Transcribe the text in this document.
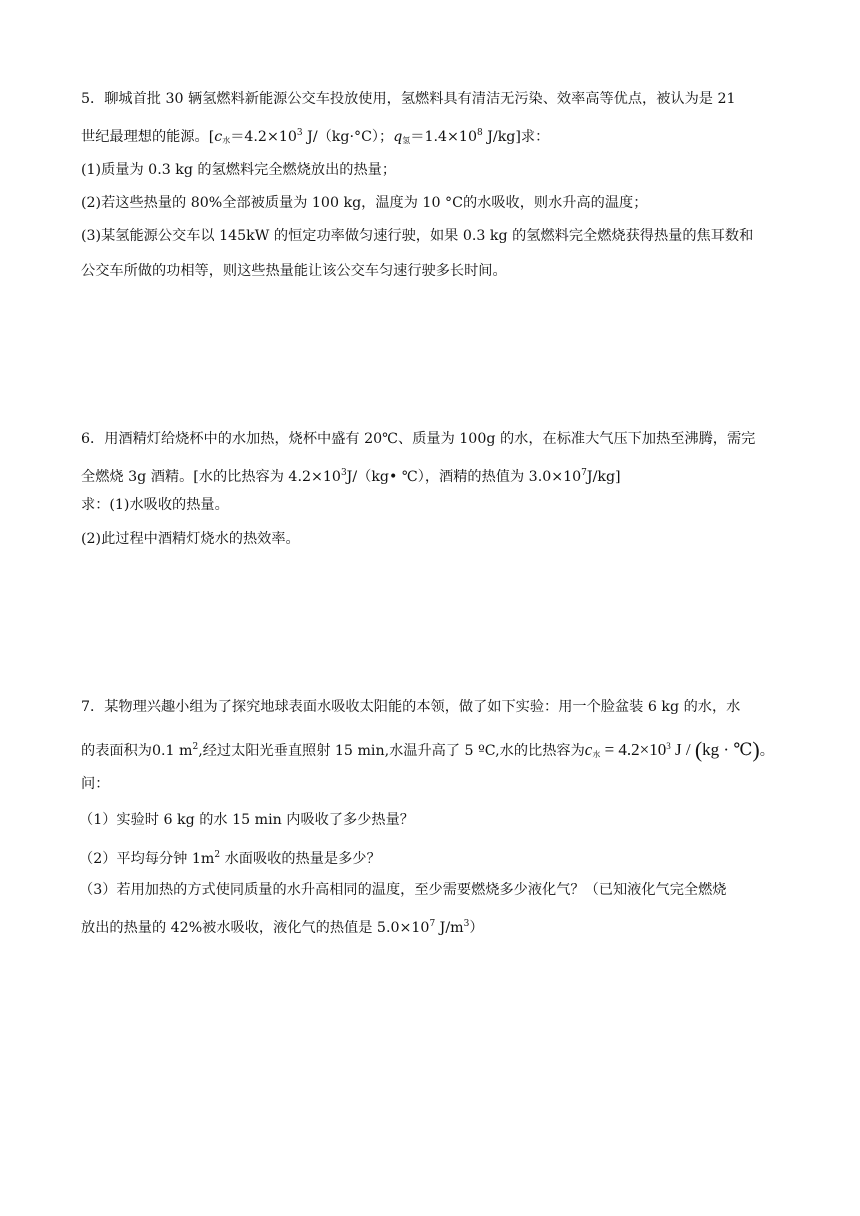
5．聊城首批 30 辆氢燃料新能源公交车投放使用，氢燃料具有清洁无污染、效率高等优点，被认为是 21
世纪最理想的能源。[$c_水=4.2\times 10^3$ J/（kg·°C）；$q_氢=1.4\times 10^8$ J/kg]求：
(1)质量为 0.3 kg 的氢燃料完全燃烧放出的热量；
(2)若这些热量的 80%全部被质量为 100 kg，温度为 10 °C的水吸收，则水升高的温度；
(3)某氢能源公交车以 145kW 的恒定功率做匀速行驶，如果 0.3 kg 的氢燃料完全燃烧获得热量的焦耳数和
公交车所做的功相等，则这些热量能让该公交车匀速行驶多长时间。
6．用酒精灯给烧杯中的水加热，烧杯中盛有 20℃、质量为 100g 的水，在标准大气压下加热至沸腾，需完
全燃烧 3g 酒精。[水的比热容为 $4.2\times 10^3J/(kg•$ ℃），酒精的热值为 $3.0\times 10^7J/kg$]
求：(1)水吸收的热量。
(2)此过程中酒精灯烧水的热效率。
7．某物理兴趣小组为了探究地球表面水吸收太阳能的本领，做了如下实验：用一个脸盆装 6 kg 的水，水
的表面积为0.1 $m^2$,经过太阳光垂直照射 15 min,水温升高了 5 ºC,水的比热容为$c_水 = 4.2\times 10^3$ J / (kg · ℃)。
问：
（1）实验时 6 kg 的水 15 min 内吸收了多少热量？
（2）平均每分钟 $1m^2$ 水面吸收的热量是多少？
（3）若用加热的方式使同质量的水升高相同的温度，至少需要燃烧多少液化气？（已知液化气完全燃烧
放出的热量的 42%被水吸收，液化气的热值是 $5.0\times 10^7$ $J/m^3$）
